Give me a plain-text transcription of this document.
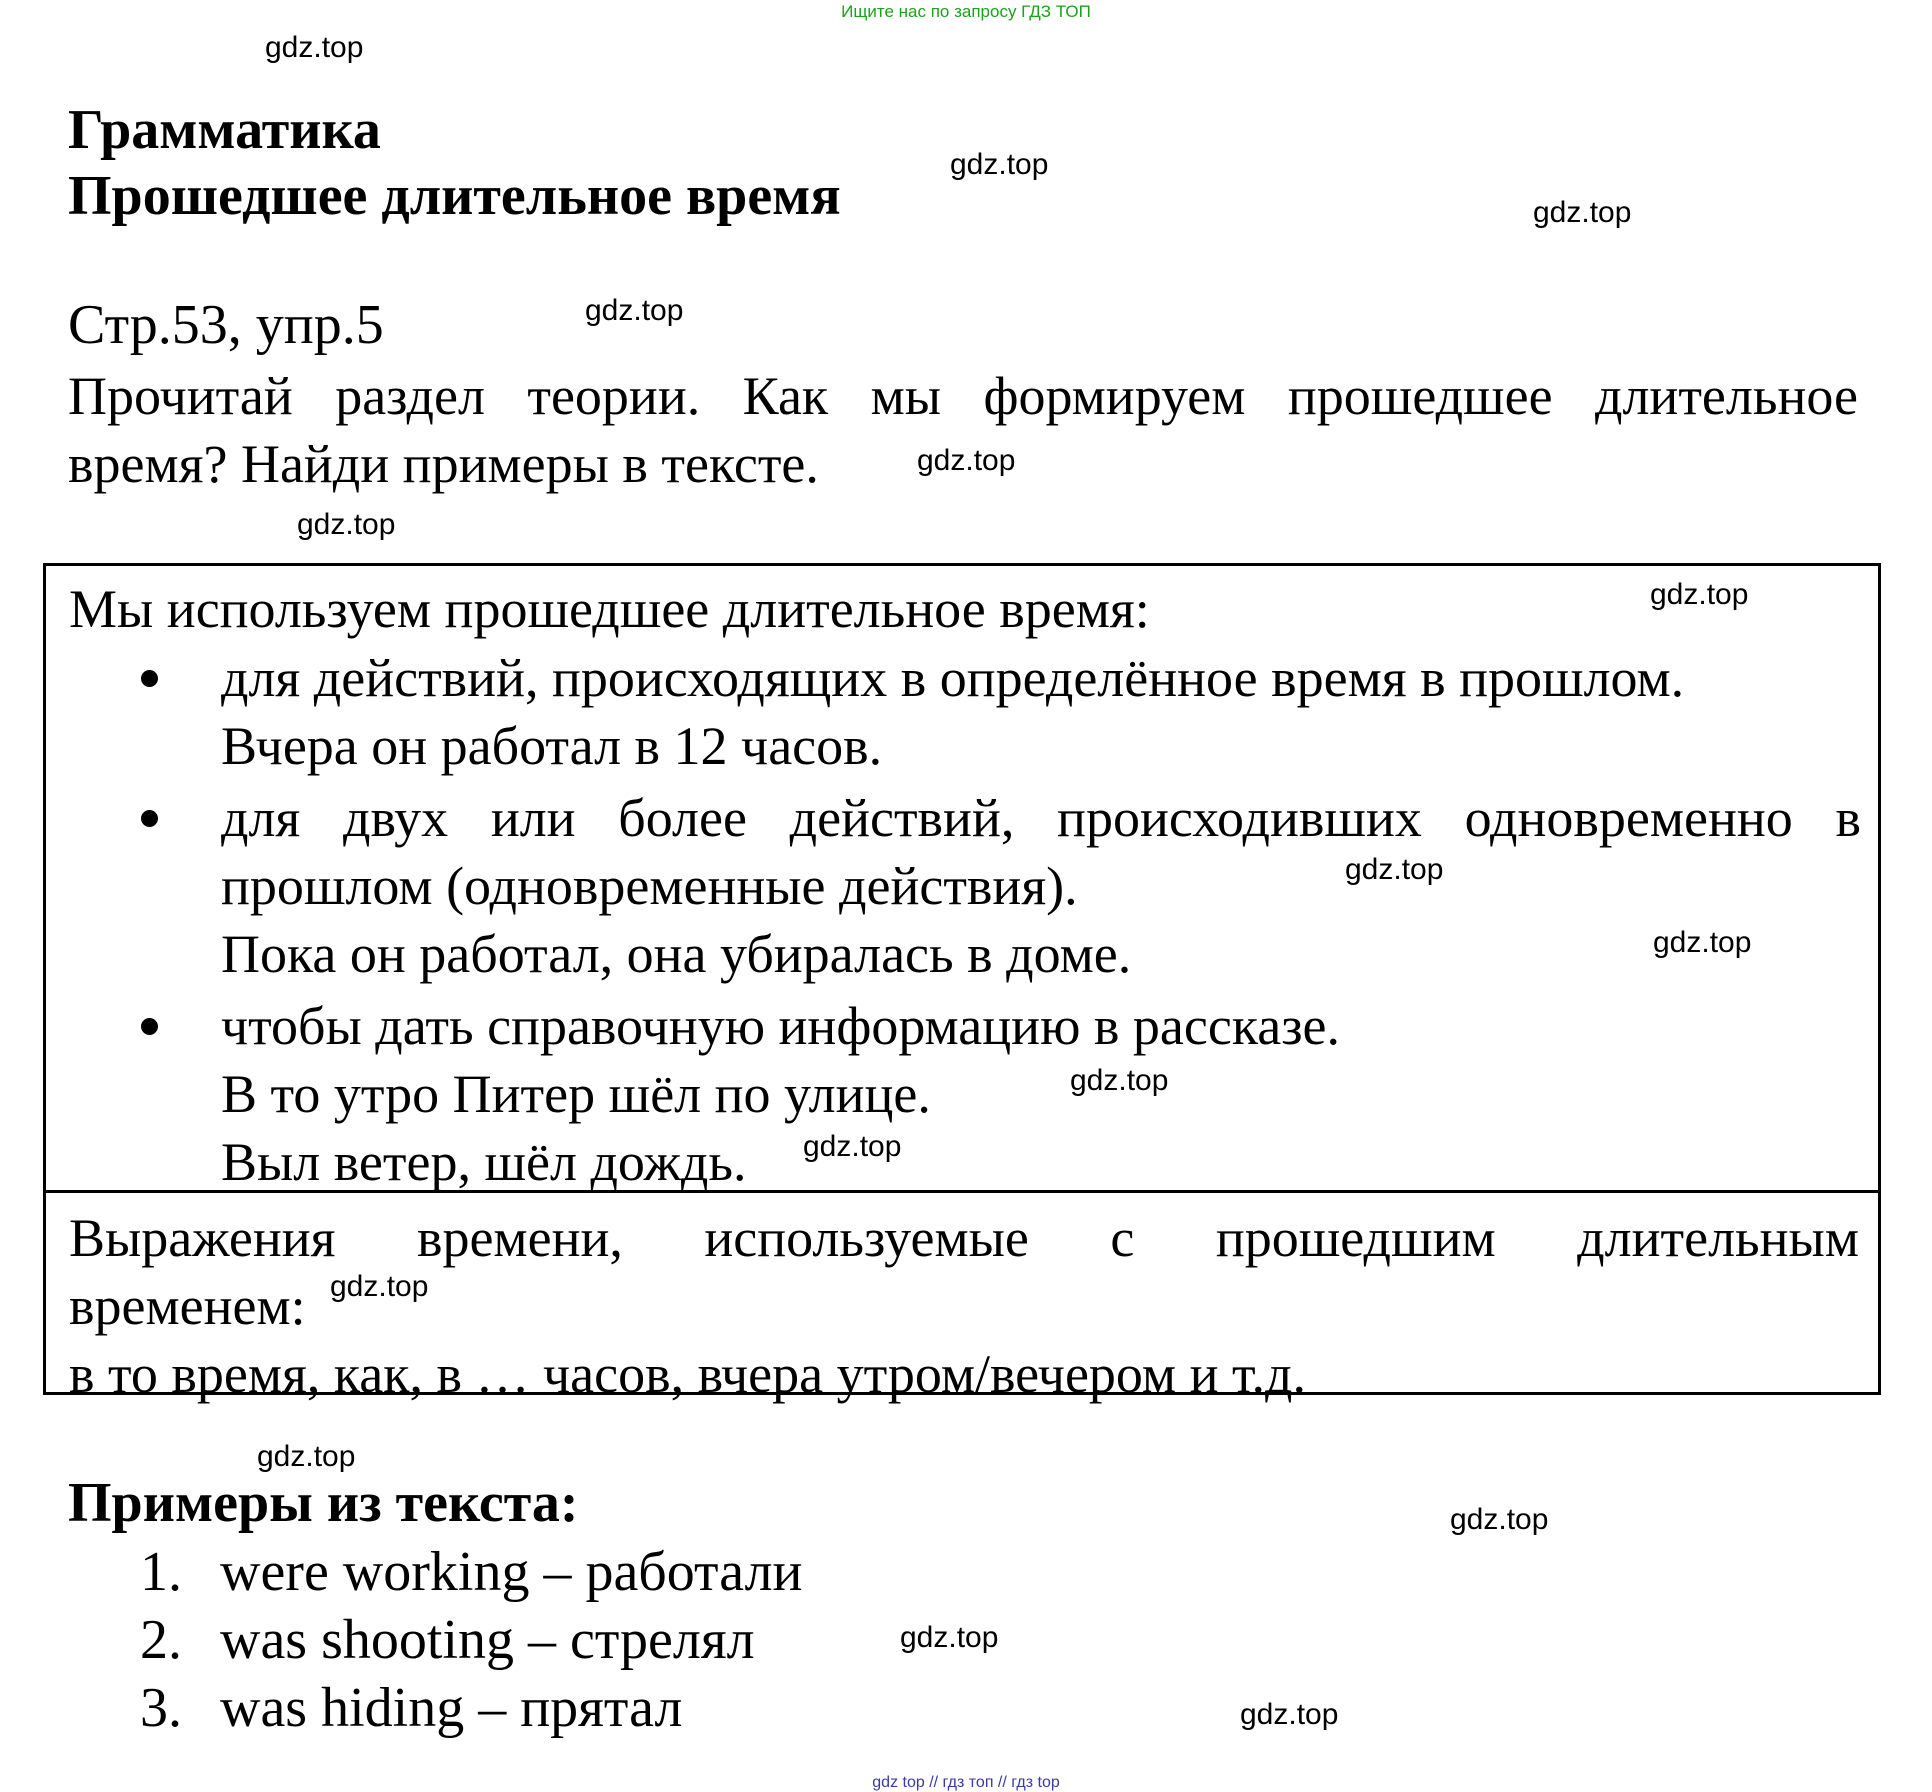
Ищите нас по запросу ГДЗ ТОП
Грамматика
Прошедшее длительное время
Стр.53, упр.5
Прочитай раздел теории. Как мы формируем прошедшее длительное
время? Найди примеры в тексте.
Мы используем прошедшее длительное время:
для действий, происходящих в определённое время в прошлом.
Вчера он работал в 12 часов.
для двух или более действий, происходивших одновременно в
прошлом (одновременные действия).
Пока он работал, она убиралась в доме.
чтобы дать справочную информацию в рассказе.
В то утро Питер шёл по улице.
Выл ветер, шёл дождь.
Выражения времени, используемые с прошедшим длительным
временем:
в то время, как, в … часов, вчера утром/вечером и т.д.
Примеры из текста:
1. were working – работали
2. was shooting – стрелял
3. was hiding – прятал
gdz.top
gdz.top
gdz.top
gdz.top
gdz.top
gdz.top
gdz.top
gdz.top
gdz.top
gdz.top
gdz.top
gdz.top
gdz.top
gdz.top
gdz.top
gdz.top
gdz top // гдз топ // гдз top
